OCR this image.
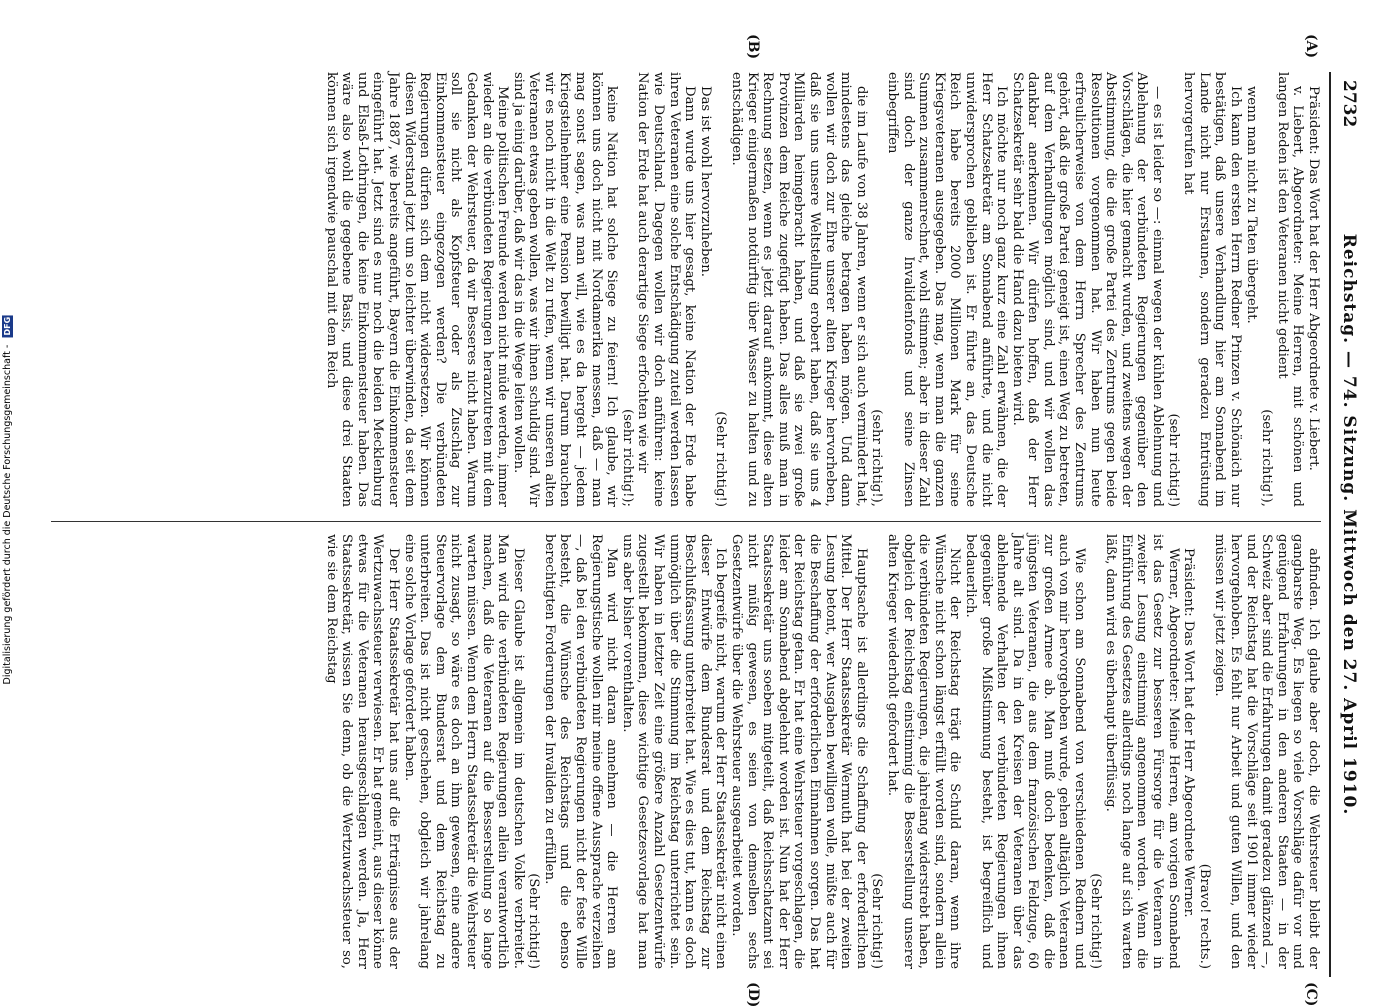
2732
Reichstag. — 74. Sitzung. Mittwoch den 27. April 1910.
(A)
(B)
(C)
(D)

Präsident: Das Wort hat der Herr Abgeordnete v. Liebert.

v. Liebert, Abgeordneter: Meine Herren, mit schönen und langen Reden ist den Veteranen nicht gedient

(sehr richtig!),

wenn man nicht zu Taten übergeht.

Ich kann den ersten Herrn Redner Prinzen v. Schönaich nur bestätigen, daß unsere Verhandlung hier am Sonnabend im Lande nicht nur Erstaunen, sondern geradezu Entrüstung hervorgerufen hat

(sehr richtig!)

— es ist leider so —: einmal wegen der kühlen Ablehnung und Ablehnung der verbündeten Regierungen gegenüber den Vorschlägen, die hier gemacht wurden, und zweitens wegen der Abstimmung, die die große Partei des Zentrums gegen beide Resolutionen vorgenommen hat. Wir haben nun heute erfreulicherweise von dem Herrn Sprecher des Zentrums gehört, daß die große Partei geneigt ist, einen Weg zu betreten, auf dem Verhandlungen möglich sind, und wir wollen das dankbar anerkennen. Wir dürfen hoffen, daß der Herr Schatzsekretär sehr bald die Hand dazu bieten wird.

Ich möchte nur noch ganz kurz eine Zahl erwähnen, die der Herr Schatzsekretär am Sonnabend anführte, und die nicht unwidersprochen geblieben ist. Er führte an, das Deutsche Reich habe bereits 2000 Millionen Mark für seine Kriegsveteranen ausgegeben. Das mag, wenn man die ganzen Summen zusammenrechnet, wohl stimmen; aber in dieser Zahl sind doch der ganze Invalidenfonds und seine Zinsen einbegriffen

(sehr richtig!),

die im Laufe von 38 Jahren, wenn er sich auch vermindert hat, mindestens das gleiche betragen haben mögen. Und dann wollen wir doch zur Ehre unserer alten Krieger hervorheben, daß sie uns unsere Weltstellung erobert haben, daß sie uns 4 Milliarden heimgebracht haben, und daß sie zwei große Provinzen dem Reiche zugefügt haben. Das alles muß man in Rechnung setzen, wenn es jetzt darauf ankommt, diese alten Krieger einigermaßen notdürftig über Wasser zu halten und zu entschädigen.

(Sehr richtig!)

Das ist wohl hervorzuheben.

Dann wurde uns hier gesagt, keine Nation der Erde habe ihren Veteranen eine solche Entschädigung zuteil werden lassen wie Deutschland. Dagegen wollen wir doch anführen: keine Nation der Erde hat auch derartige Siege erfochten wie wir

(sehr richtig!);

keine Nation hat solche Siege zu feiern! Ich glaube, wir können uns doch nicht mit Nordamerika messen, daß — man mag sonst sagen, was man will, wie es da hergeht — jedem Kriegsteilnehmer eine Pension bewilligt hat. Darum brauchen wir es noch nicht in die Welt zu rufen, wenn wir unseren alten Veteranen etwas geben wollen, was wir ihnen schuldig sind. Wir sind ja einig darüber, daß wir das in die Wege leiten wollen.

Meine politischen Freunde werden nicht müde werden, immer wieder an die verbündeten Regierungen heranzutreten mit dem Gedanken der Wehrsteuer, da wir Besseres nicht haben. Warum soll sie nicht als Kopfsteuer oder als Zuschlag zur Einkommensteuer eingezogen werden? Die verbündeten Regierungen dürfen sich dem nicht widersetzen. Wir können diesen Widerstand jetzt um so leichter überwinden, da seit dem Jahre 1887, wie bereits angeführt, Bayern die Einkommensteuer eingeführt hat. Jetzt sind es nur noch die beiden Mecklenburg und Elsaß-Lothringen, die keine Einkommensteuer haben. Das wäre also wohl die gegebene Basis, und diese drei Staaten können sich irgendwie pauschal mit dem Reich

abfinden. Ich glaube aber doch, die Wehrsteuer bleibt der gangbarste Weg. Es liegen so viele Vorschläge dafür vor und genügend Erfahrungen in den anderen Staaten — in der Schweiz aber sind die Erfahrungen damit geradezu glänzend —, und der Reichstag hat die Vorschläge seit 1901 immer wieder hervorgehoben. Es fehlt nur Arbeit und guten Willen, und den müssen wir jetzt zeigen.

(Bravo! rechts.)

Präsident: Das Wort hat der Herr Abgeordnete Werner.

Werner, Abgeordneter: Meine Herren, am vorigen Sonnabend ist das Gesetz zur besseren Fürsorge für die Veteranen in zweiter Lesung einstimmig angenommen worden. Wenn die Einführung des Gesetzes allerdings noch lange auf sich warten läßt, dann wird es überhaupt überflüssig.

(Sehr richtig!)

Wie schon am Sonnabend von verschiedenen Rednern und auch von mir hervorgehoben wurde, gehen alltäglich Veteranen zur großen Armee ab. Man muß doch bedenken, daß die jüngsten Veteranen, die aus dem französischen Feldzuge, 60 Jahre alt sind. Da in den Kreisen der Veteranen über das ablehnende Verhalten der verbündeten Regierungen ihnen gegenüber große Mißstimmung besteht, ist begreiflich und bedauerlich.

Nicht der Reichstag trägt die Schuld daran, wenn ihre Wünsche nicht schon längst erfüllt worden sind, sondern allein die verbündeten Regierungen, die jahrelang widerstrebt haben, obgleich der Reichstag einstimmig die Besserstellung unserer alten Krieger wiederholt gefordert hat.

(Sehr richtig!)

Hauptsache ist allerdings die Schaffung der erforderlichen Mittel. Der Herr Staatssekretär Wermuth hat bei der zweiten Lesung betont, wer Ausgaben bewilligen wolle, müßte auch für die Beschaffung der erforderlichen Einnahmen sorgen. Das hat der Reichstag getan. Er hat eine Wehrsteuer vorgeschlagen, die leider am Sonnabend abgelehnt worden ist. Nun hat der Herr Staatssekretär uns soeben mitgeteilt, daß Reichsschatzamt sei nicht müßig gewesen, es seien von demselben sechs Gesetzentwürfe über die Wehrsteuer ausgearbeitet worden.

Ich begreife nicht, warum der Herr Staatssekretär nicht einen dieser Entwürfe dem Bundesrat und dem Reichstag zur Beschlußfassung unterbreitet hat. Wie es dies tut, kann es doch unmöglich über die Stimmung im Reichstag unterrichtet sein. Wir haben in letzter Zeit eine größere Anzahl Gesetzentwürfe zugestellt bekommen, diese wichtige Gesetzesvorlage hat man uns aber bisher vorenthalten.

Man wird nicht daran annehmen — die Herren am Regierungstische wollen mir meine offene Aussprache verzeihen —, daß bei den verbündeten Regierungen nicht der feste Wille besteht, die Wünsche des Reichstags und die ebenso berechtigten Forderungen der Invaliden zu erfüllen.

(Sehr richtig!)

Dieser Glaube ist allgemein im deutschen Volke verbreitet. Man wird die verbündeten Regierungen allein verantwortlich machen, daß die Veteranen auf die Besserstellung so lange warten müssen. Wenn dem Herrn Staatssekretär die Wehrsteuer nicht zusagt, so wäre es doch an ihm gewesen, eine andere Steuervorlage dem Bundesrat und dem Reichstag zu unterbreiten. Das ist nicht geschehen, obgleich wir jahrelang eine solche Vorlage gefordert haben.

Der Herr Staatssekretär hat uns auf die Erträgnisse aus der Wertzuwachssteuer verwiesen. Er hat gemeint, aus dieser könne etwas für die Veteranen herausgeschlagen werden. Ja, Herr Staatssekretär, wissen Sie denn, ob die Wertzuwachssteuer so, wie sie dem Reichstag

Digitalisierung gefördert durch die Deutsche Forschungsgemeinschaft - DFG
